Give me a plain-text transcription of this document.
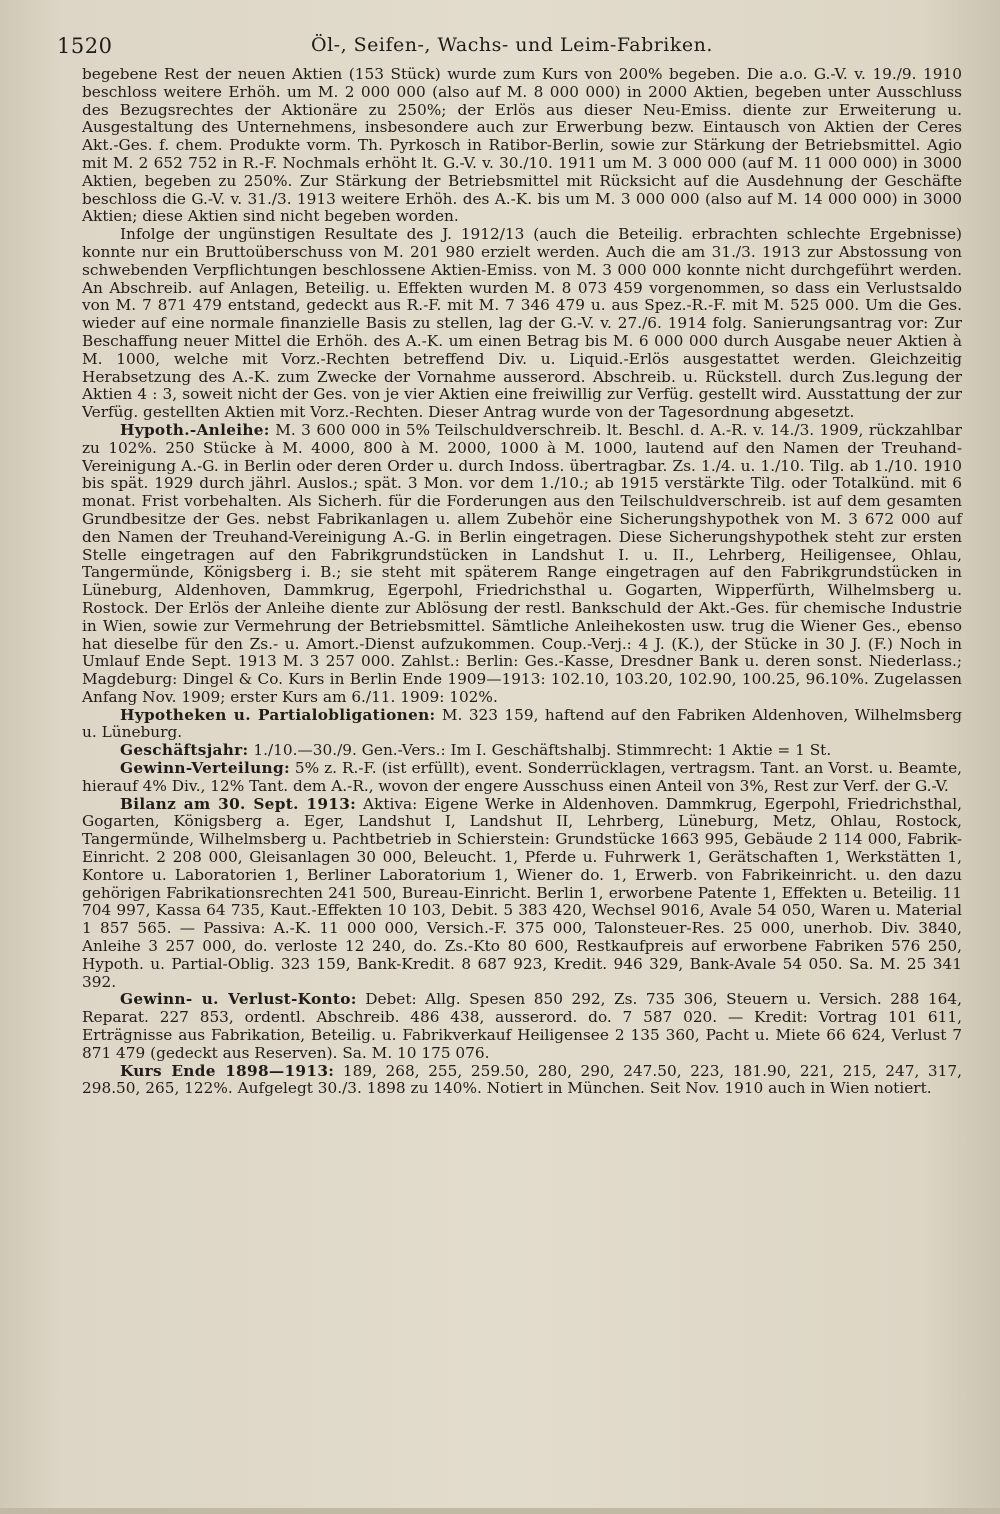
1520	Öl-, Seifen-, Wachs- und Leim-Fabriken.

begebene Rest der neuen Aktien (153 Stück) wurde zum Kurs von 200% begeben. Die a.o. G.-V. v. 19./9. 1910 beschloss weitere Erhöh. um M. 2 000 000 (also auf M. 8 000 000) in 2000 Aktien, begeben unter Ausschluss des Bezugsrechtes der Aktionäre zu 250%; der Erlös aus dieser Neu-Emiss. diente zur Erweiterung u. Ausgestaltung des Unternehmens, insbesondere auch zur Erwerbung bezw. Eintausch von Aktien der Ceres Akt.-Ges. f. chem. Produkte vorm. Th. Pyrkosch in Ratibor-Berlin, sowie zur Stärkung der Betriebsmittel. Agio mit M. 2 652 752 in R.-F. Nochmals erhöht lt. G.-V. v. 30./10. 1911 um M. 3 000 000 (auf M. 11 000 000) in 3000 Aktien, begeben zu 250%. Zur Stärkung der Betriebsmittel mit Rücksicht auf die Ausdehnung der Geschäfte beschloss die G.-V. v. 31./3. 1913 weitere Erhöh. des A.-K. bis um M. 3 000 000 (also auf M. 14 000 000) in 3000 Aktien; diese Aktien sind nicht begeben worden.

Infolge der ungünstigen Resultate des J. 1912/13 (auch die Beteilig. erbrachten schlechte Ergebnisse) konnte nur ein Bruttoüberschuss von M. 201 980 erzielt werden. Auch die am 31./3. 1913 zur Abstossung von schwebenden Verpflichtungen beschlossene Aktien-Emiss. von M. 3 000 000 konnte nicht durchgeführt werden. An Abschreib. auf Anlagen, Beteilig. u. Effekten wurden M. 8 073 459 vorgenommen, so dass ein Verlustsaldo von M. 7 871 479 entstand, gedeckt aus R.-F. mit M. 7 346 479 u. aus Spez.-R.-F. mit M. 525 000. Um die Ges. wieder auf eine normale finanzielle Basis zu stellen, lag der G.-V. v. 27./6. 1914 folg. Sanierungsantrag vor: Zur Beschaffung neuer Mittel die Erhöh. des A.-K. um einen Betrag bis M. 6 000 000 durch Ausgabe neuer Aktien à M. 1000, welche mit Vorz.-Rechten betreffend Div. u. Liquid.-Erlös ausgestattet werden. Gleichzeitig Herabsetzung des A.-K. zum Zwecke der Vornahme ausserord. Abschreib. u. Rückstell. durch Zus.legung der Aktien 4 : 3, soweit nicht der Ges. von je vier Aktien eine freiwillig zur Verfüg. gestellt wird. Ausstattung der zur Verfüg. gestellten Aktien mit Vorz.-Rechten. Dieser Antrag wurde von der Tagesordnung abgesetzt.

Hypoth.-Anleihe: M. 3 600 000 in 5% Teilschuldverschreib. lt. Beschl. d. A.-R. v. 14./3. 1909, rückzahlbar zu 102%. 250 Stücke à M. 4000, 800 à M. 2000, 1000 à M. 1000, lautend auf den Namen der Treuhand-Vereinigung A.-G. in Berlin oder deren Order u. durch Indoss. übertragbar. Zs. 1./4. u. 1./10. Tilg. ab 1./10. 1910 bis spät. 1929 durch jährl. Auslos.; spät. 3 Mon. vor dem 1./10.; ab 1915 verstärkte Tilg. oder Totalkünd. mit 6 monat. Frist vorbehalten. Als Sicherh. für die Forderungen aus den Teilschuldverschreib. ist auf dem gesamten Grundbesitze der Ges. nebst Fabrikanlagen u. allem Zubehör eine Sicherungshypothek von M. 3 672 000 auf den Namen der Treuhand-Vereinigung A.-G. in Berlin eingetragen. Diese Sicherungshypothek steht zur ersten Stelle eingetragen auf den Fabrikgrundstücken in Landshut I. u. II., Lehrberg, Heiligensee, Ohlau, Tangermünde, Königsberg i. B.; sie steht mit späterem Range eingetragen auf den Fabrikgrundstücken in Lüneburg, Aldenhoven, Dammkrug, Egerpohl, Friedrichsthal u. Gogarten, Wipperfürth, Wilhelmsberg u. Rostock. Der Erlös der Anleihe diente zur Ablösung der restl. Bankschuld der Akt.-Ges. für chemische Industrie in Wien, sowie zur Vermehrung der Betriebsmittel. Sämtliche Anleihekosten usw. trug die Wiener Ges., ebenso hat dieselbe für den Zs.- u. Amort.-Dienst aufzukommen. Coup.-Verj.: 4 J. (K.), der Stücke in 30 J. (F.) Noch in Umlauf Ende Sept. 1913 M. 3 257 000. Zahlst.: Berlin: Ges.-Kasse, Dresdner Bank u. deren sonst. Niederlass.; Magdeburg: Dingel & Co. Kurs in Berlin Ende 1909—1913: 102.10, 103.20, 102.90, 100.25, 96.10%. Zugelassen Anfang Nov. 1909; erster Kurs am 6./11. 1909: 102%.

Hypotheken u. Partialobligationen: M. 323 159, haftend auf den Fabriken Aldenhoven, Wilhelmsberg u. Lüneburg.

Geschäftsjahr: 1./10.—30./9. Gen.-Vers.: Im I. Geschäftshalbj. Stimmrecht: 1 Aktie = 1 St.

Gewinn-Verteilung: 5% z. R.-F. (ist erfüllt), event. Sonderrücklagen, vertragsm. Tant. an Vorst. u. Beamte, hierauf 4% Div., 12% Tant. dem A.-R., wovon der engere Ausschuss einen Anteil von 3%, Rest zur Verf. der G.-V.

Bilanz am 30. Sept. 1913: Aktiva: Eigene Werke in Aldenhoven. Dammkrug, Egerpohl, Friedrichsthal, Gogarten, Königsberg a. Eger, Landshut I, Landshut II, Lehrberg, Lüneburg, Metz, Ohlau, Rostock, Tangermünde, Wilhelmsberg u. Pachtbetrieb in Schierstein: Grundstücke 1663 995, Gebäude 2 114 000, Fabrik-Einricht. 2 208 000, Gleisanlagen 30 000, Beleucht. 1, Pferde u. Fuhrwerk 1, Gerätschaften 1, Werkstätten 1, Kontore u. Laboratorien 1, Berliner Laboratorium 1, Wiener do. 1, Erwerb. von Fabrikeinricht. u. den dazu gehörigen Fabrikationsrechten 241 500, Bureau-Einricht. Berlin 1, erworbene Patente 1, Effekten u. Beteilig. 11 704 997, Kassa 64 735, Kaut.-Effekten 10 103, Debit. 5 383 420, Wechsel 9016, Avale 54 050, Waren u. Material 1 857 565. — Passiva: A.-K. 11 000 000, Versich.-F. 375 000, Talonsteuer-Res. 25 000, unerhob. Div. 3840, Anleihe 3 257 000, do. verloste 12 240, do. Zs.-Kto 80 600, Restkaufpreis auf erworbene Fabriken 576 250, Hypoth. u. Partial-Oblig. 323 159, Bank-Kredit. 8 687 923, Kredit. 946 329, Bank-Avale 54 050. Sa. M. 25 341 392.

Gewinn- u. Verlust-Konto: Debet: Allg. Spesen 850 292, Zs. 735 306, Steuern u. Versich. 288 164, Reparat. 227 853, ordentl. Abschreib. 486 438, ausserord. do. 7 587 020. — Kredit: Vortrag 101 611, Erträgnisse aus Fabrikation, Beteilig. u. Fabrikverkauf Heiligensee 2 135 360, Pacht u. Miete 66 624, Verlust 7 871 479 (gedeckt aus Reserven). Sa. M. 10 175 076.

Kurs Ende 1898—1913: 189, 268, 255, 259.50, 280, 290, 247.50, 223, 181.90, 221, 215, 247, 317, 298.50, 265, 122%. Aufgelegt 30./3. 1898 zu 140%. Notiert in München. Seit Nov. 1910 auch in Wien notiert.
